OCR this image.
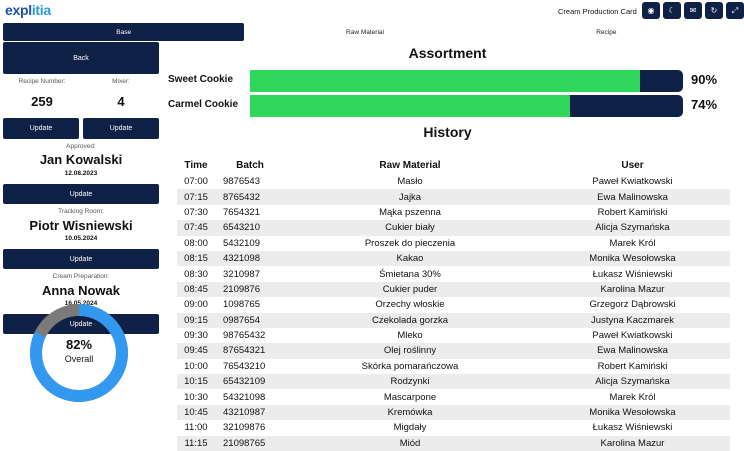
explitia	Cream Production Card	◉	☾	✉	↻	⤢
Base	Raw Material	Recipe
Back
Recipe Number:	Mixer:
259	4
Update	Update
Approved:
Jan Kowalski
12.08.2023
Update
Tracking Room:
Piotr Wisniewski
10.05.2024
Update
Cream Preparation:
Anna Nowak
16.05.2024
Update
82%
Overall
Assortment
Sweet Cookie	90%
Carmel Cookie	74%
History
Time	Batch	Raw Material	User
07:00	9876543	Masło	Paweł Kwiatkowski
07:15	8765432	Jajka	Ewa Malinowska
07:30	7654321	Mąka pszenna	Robert Kamiński
07:45	6543210	Cukier biały	Alicja Szymańska
08:00	5432109	Proszek do pieczenia	Marek Król
08:15	4321098	Kakao	Monika Wesołowska
08:30	3210987	Śmietana 30%	Łukasz Wiśniewski
08:45	2109876	Cukier puder	Karolina Mazur
09:00	1098765	Orzechy włoskie	Grzegorz Dąbrowski
09:15	0987654	Czekolada gorzka	Justyna Kaczmarek
09:30	98765432	Mleko	Paweł Kwiatkowski
09:45	87654321	Olej roślinny	Ewa Malinowska
10:00	76543210	Skórka pomarańczowa	Robert Kamiński
10:15	65432109	Rodzynki	Alicja Szymańska
10:30	54321098	Mascarpone	Marek Król
10:45	43210987	Kremówka	Monika Wesołowska
11:00	32109876	Migdały	Łukasz Wiśniewski
11:15	21098765	Miód	Karolina Mazur
